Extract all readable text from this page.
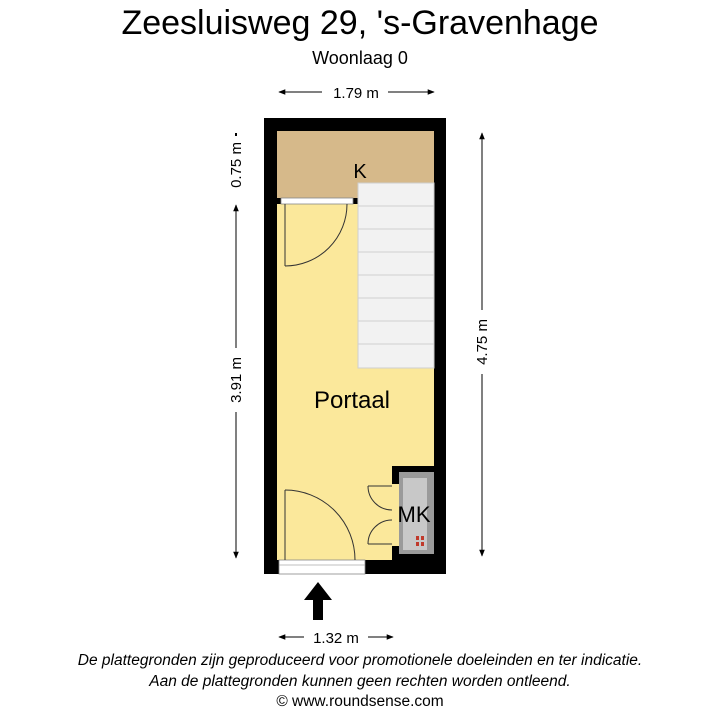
Zeesluisweg 29, 's-Gravenhage
Woonlaag 0
K
Portaal
MK
1.79 m
1.32 m
0.75 m
3.91 m
4.75 m
De plattegronden zijn geproduceerd voor promotionele doeleinden en ter indicatie.
Aan de plattegronden kunnen geen rechten worden ontleend.
© www.roundsense.com
